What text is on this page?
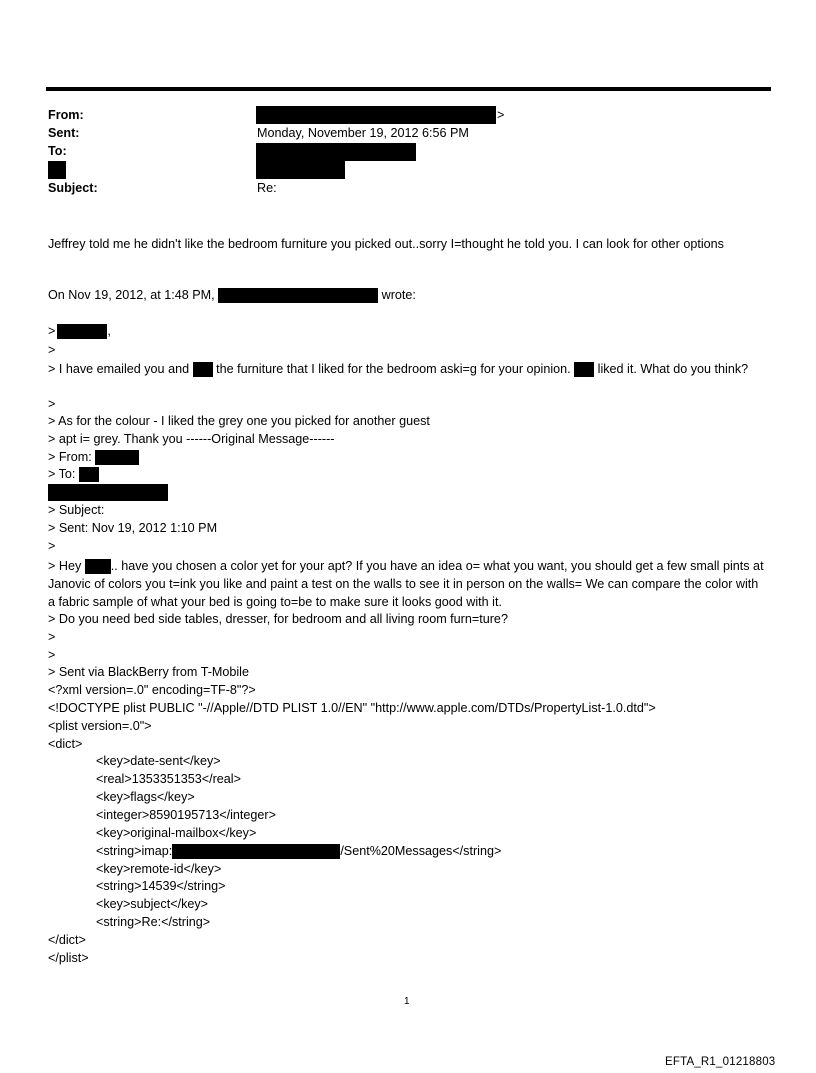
From:	>
Sent:	Monday, November 19, 2012 6:56 PM
To:
Subject:	Re:
Jeffrey told me he didn't like the bedroom furniture you picked out..sorry I=thought he told you. I can look for other options
On Nov 19, 2012, at 1:48 PM,	wrote:
>	,
>
> I have emailed you and the furniture that I liked for the bedroom aski=g for your opinion. liked it. What do you think?
>
> As for the colour - I liked the grey one you picked for another guest
> apt i= grey. Thank you ------Original Message------
> From:
> To:
> Subject:
> Sent: Nov 19, 2012 1:10 PM
>
> Hey .. have you chosen a color yet for your apt? If you have an idea o= what you want, you should get a few small pints at Janovic of colors you t=ink you like and paint a test on the walls to see it in person on the walls= We can compare the color with a fabric sample of what your bed is going to=be to make sure it looks good with it.
> Do you need bed side tables, dresser, for bedroom and all living room furn=ture?
>
>
> Sent via BlackBerry from T-Mobile
<?xml version=.0" encoding=TF-8"?>
<!DOCTYPE plist PUBLIC "-//Apple//DTD PLIST 1.0//EN" "http://www.apple.com/DTDs/PropertyList-1.0.dtd">
<plist version=.0">
<dict>
<key>date-sent</key>
<real>1353351353</real>
<key>flags</key>
<integer>8590195713</integer>
<key>original-mailbox</key>
<string>imap:	/Sent%20Messages</string>
<key>remote-id</key>
<string>14539</string>
<key>subject</key>
<string>Re:</string>
</dict>
</plist>
1
EFTA_R1_01218803
